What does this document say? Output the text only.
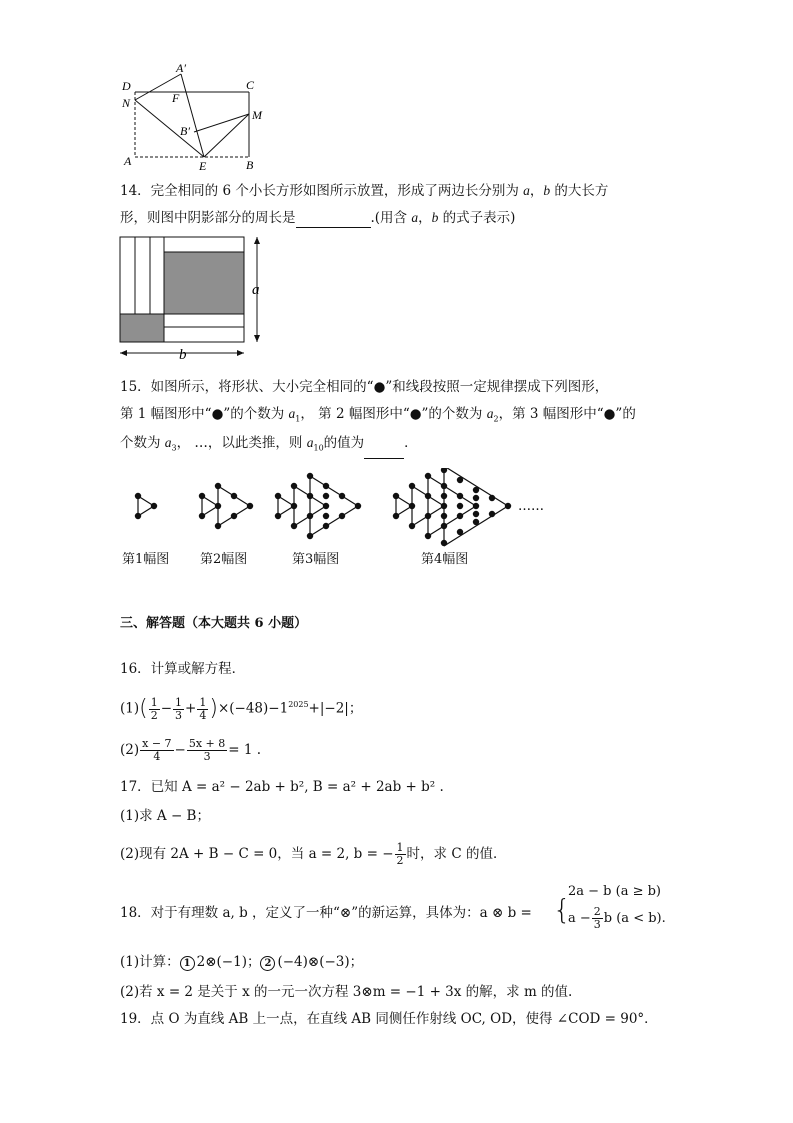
D
A′
C
N	F
M
B′
A	E	B
14．完全相同的 6 个小长方形如图所示放置，形成了两边长分别为 a，b 的大长方
形，则图中阴影部分的周长是	.(用含 a，b 的式子表示)
a
b
15．如图所示，将形状、大小完全相同的“●”和线段按照一定规律摆成下列图形，
第 1 幅图形中“●”的个数为 $a_1$， 第 2 幅图形中“●”的个数为 $a_2$，第 3 幅图形中“●”的
个数为 $a_3$， …，以此类推，则 $a_{10}$的值为	．
……
第1幅图 第2幅图	第3幅图	第4幅图
三、解答题（本大题共 6 小题）
16．计算或解方程．
$(1)( \frac{1}{2} - \frac{1}{3} + \frac{1}{4} )\times(-48)-1^{2025}+|-2|$；
$(2) \frac{x - 7}{4} - \frac{5x + 8}{3} = 1$ .
17．已知 A = a² − 2ab + b², B = a² + 2ab + b² .
(1)求 A − B；
(2)现有 2A + B − C = 0，当 a = 2, b = − $\frac{1}{2}$ 时，求 C 的值．
18．对于有理数 a, b ，定义了一种“⊗”的新运算，具体为：a ⊗ b = {
2a − b (a ≥ b)
$a - \frac{2}{3}$ b (a < b).
(1)计算： 1 2⊗(−1)； 2 (−4)⊗(−3)；
(2)若 x = 2 是关于 x 的一元一次方程 3⊗m = −1 + 3x 的解，求 m 的值.
19．点 O 为直线 AB 上一点，在直线 AB 同侧任作射线 OC, OD，使得 ∠COD = 90°．
